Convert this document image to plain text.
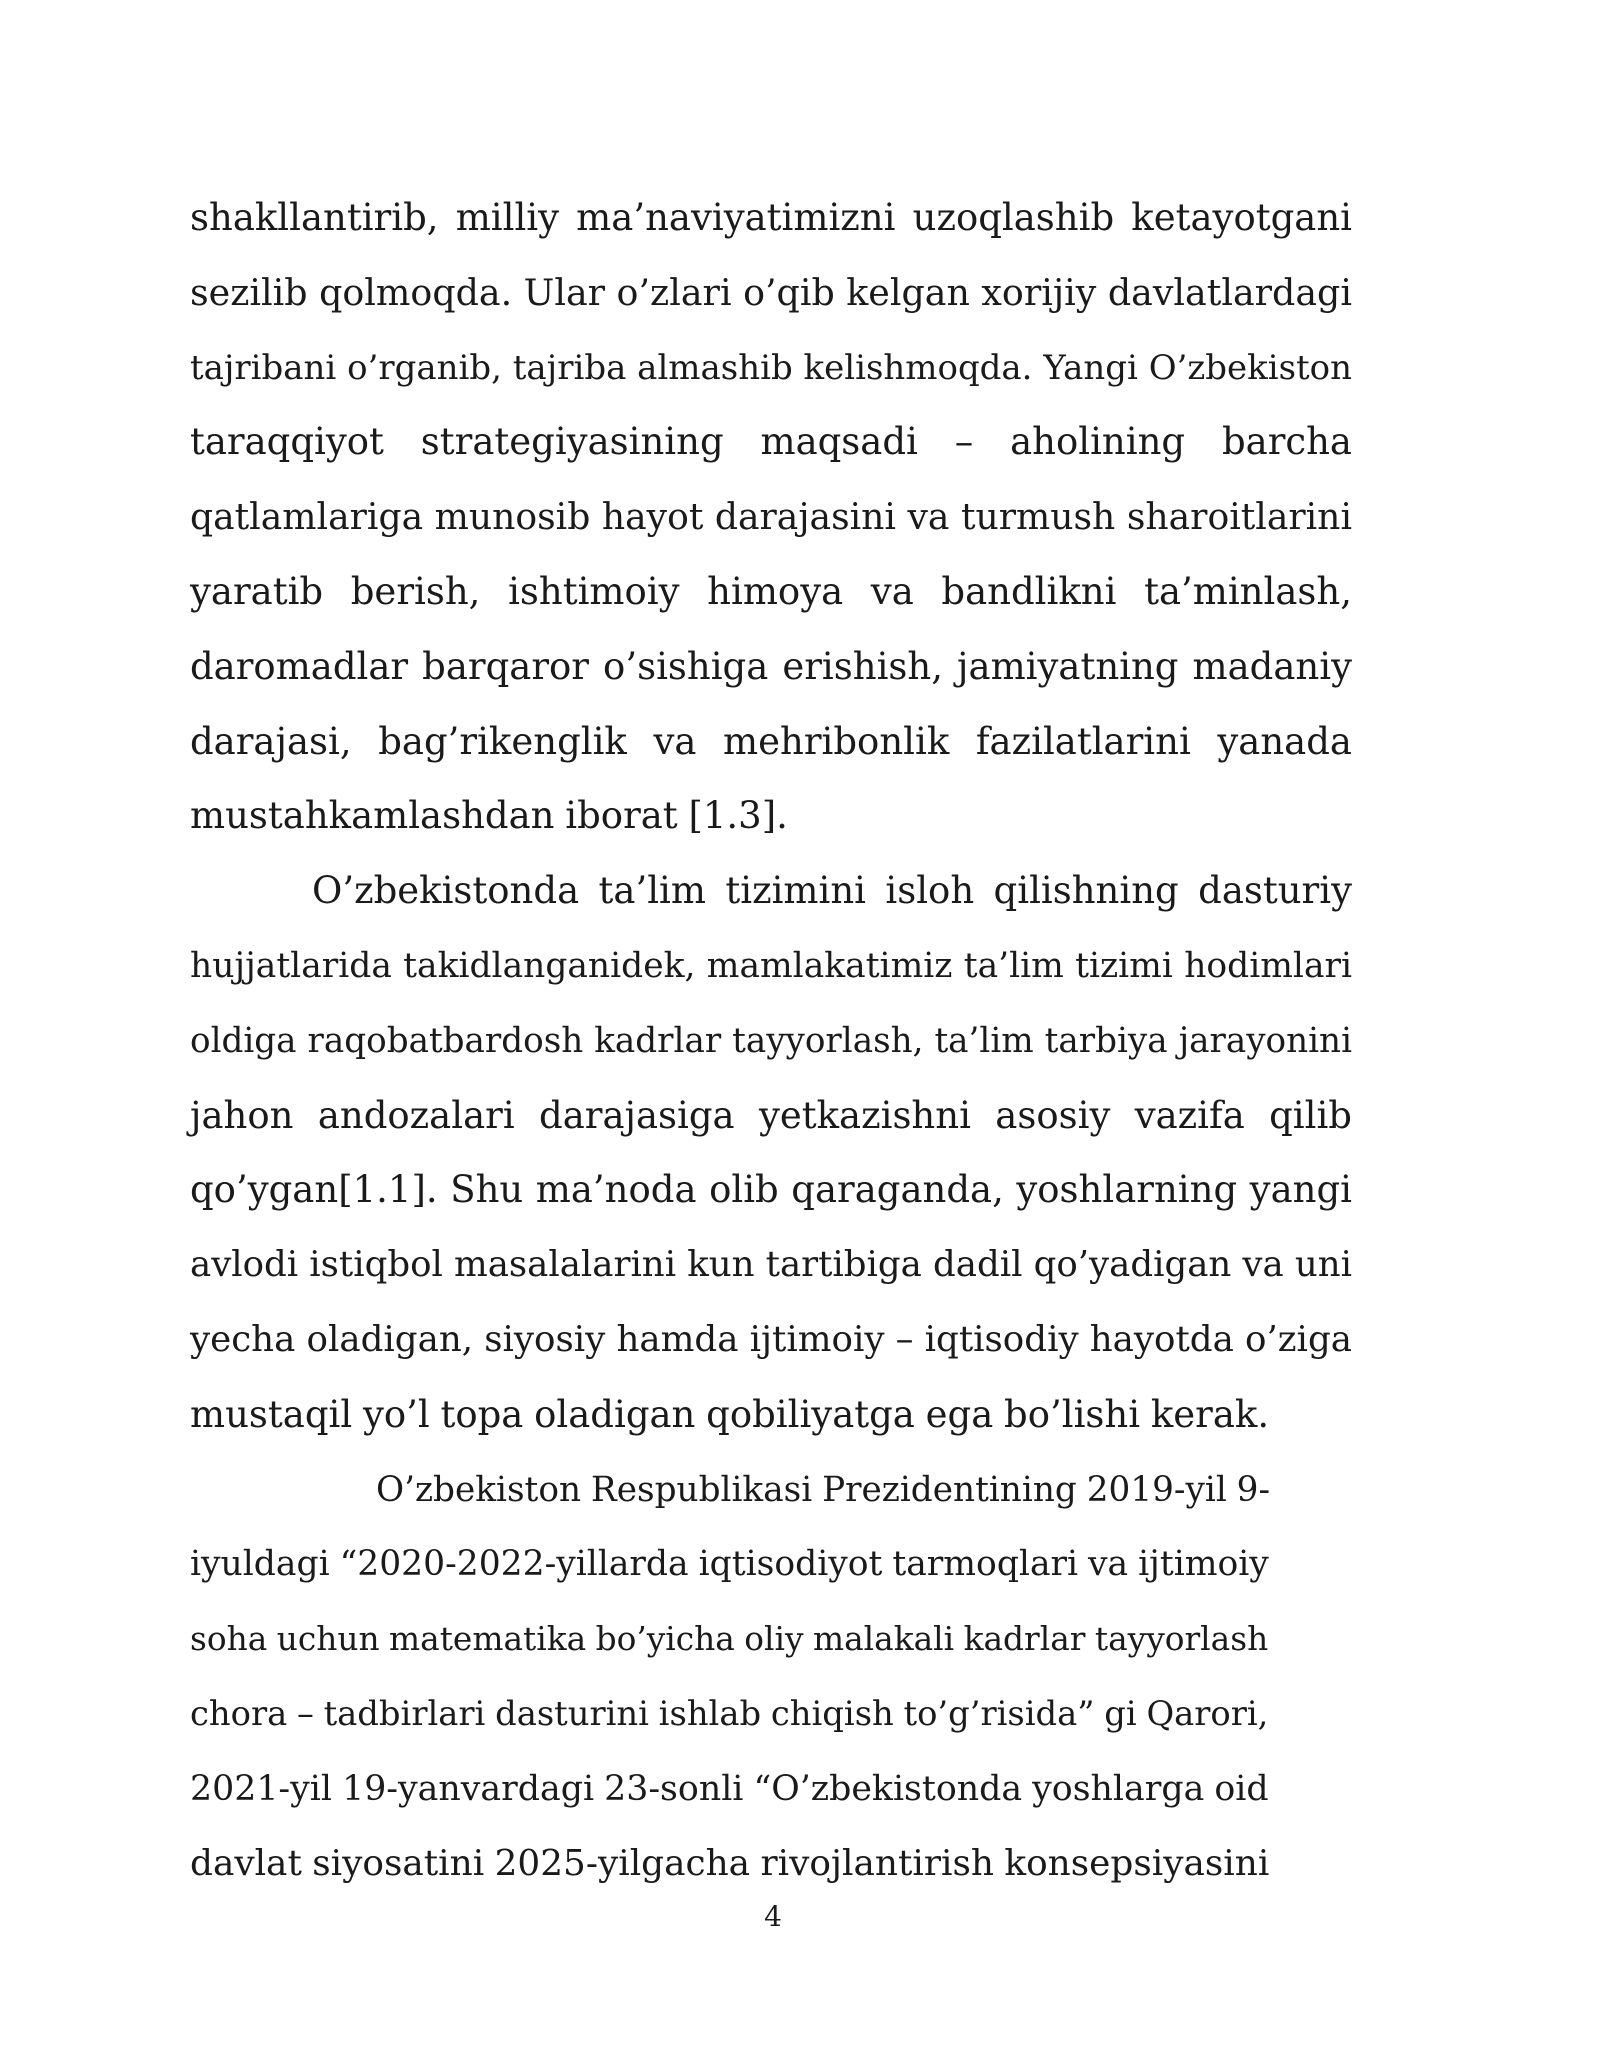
shakllantirib, milliy ma’naviyatimizni uzoqlashib ketayotgani
sezilib qolmoqda. Ular o’zlari o’qib kelgan xorijiy davlatlardagi
tajribani o’rganib, tajriba almashib kelishmoqda. Yangi O’zbekiston
taraqqiyot strategiyasining maqsadi – aholining barcha
qatlamlariga munosib hayot darajasini va turmush sharoitlarini
yaratib berish, ishtimoiy himoya va bandlikni ta’minlash,
daromadlar barqaror o’sishiga erishish, jamiyatning madaniy
darajasi, bag’rikenglik va mehribonlik fazilatlarini yanada
mustahkamlashdan iborat [1.3].
O’zbekistonda ta’lim tizimini isloh qilishning dasturiy
hujjatlarida takidlanganidek, mamlakatimiz ta’lim tizimi hodimlari
oldiga raqobatbardosh kadrlar tayyorlash, ta’lim tarbiya jarayonini
jahon andozalari darajasiga yetkazishni asosiy vazifa qilib
qo’ygan[1.1]. Shu ma’noda olib qaraganda, yoshlarning yangi
avlodi istiqbol masalalarini kun tartibiga dadil qo’yadigan va uni
yecha oladigan, siyosiy hamda ijtimoiy – iqtisodiy hayotda o’ziga
mustaqil yo’l topa oladigan qobiliyatga ega bo’lishi kerak.
O’zbekiston Respublikasi Prezidentining 2019-yil 9-
iyuldagi “2020-2022-yillarda iqtisodiyot tarmoqlari va ijtimoiy
soha uchun matematika bo’yicha oliy malakali kadrlar tayyorlash
chora – tadbirlari dasturini ishlab chiqish to’g’risida” gi Qarori,
2021-yil 19-yanvardagi 23-sonli “O’zbekistonda yoshlarga oid
davlat siyosatini 2025-yilgacha rivojlantirish konsepsiyasini
4
